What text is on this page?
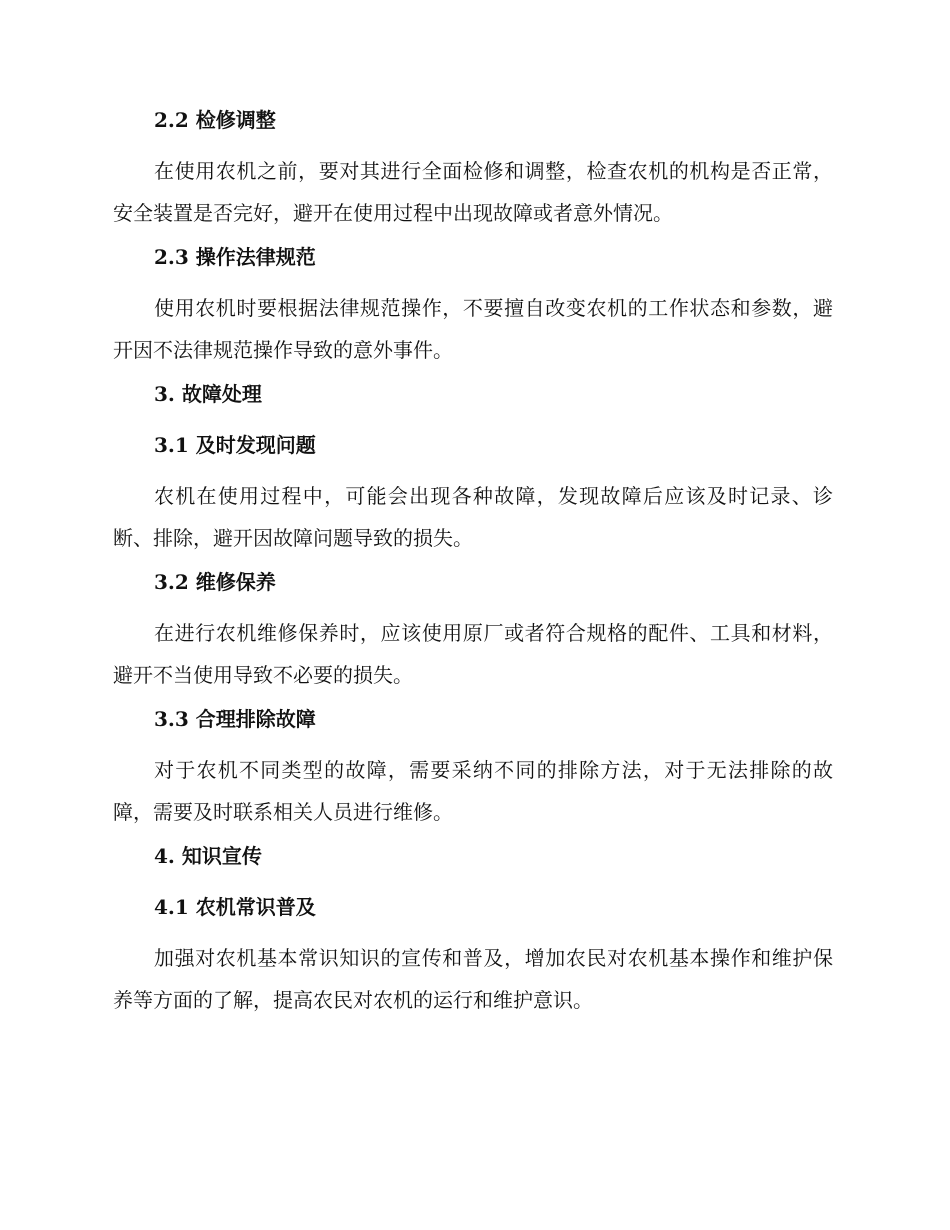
2.2 检修调整

在使用农机之前，要对其进行全面检修和调整，检查农机的机构是否正常，安全装置是否完好，避开在使用过程中出现故障或者意外情况。

2.3 操作法律规范

使用农机时要根据法律规范操作，不要擅自改变农机的工作状态和参数，避开因不法律规范操作导致的意外事件。

3. 故障处理
3.1 及时发现问题

农机在使用过程中，可能会出现各种故障，发现故障后应该及时记录、诊断、排除，避开因故障问题导致的损失。

3.2 维修保养

在进行农机维修保养时，应该使用原厂或者符合规格的配件、工具和材料，避开不当使用导致不必要的损失。

3.3 合理排除故障

对于农机不同类型的故障，需要采纳不同的排除方法，对于无法排除的故障，需要及时联系相关人员进行维修。

4. 知识宣传
4.1 农机常识普及

加强对农机基本常识知识的宣传和普及，增加农民对农机基本操作和维护保养等方面的了解，提高农民对农机的运行和维护意识。
